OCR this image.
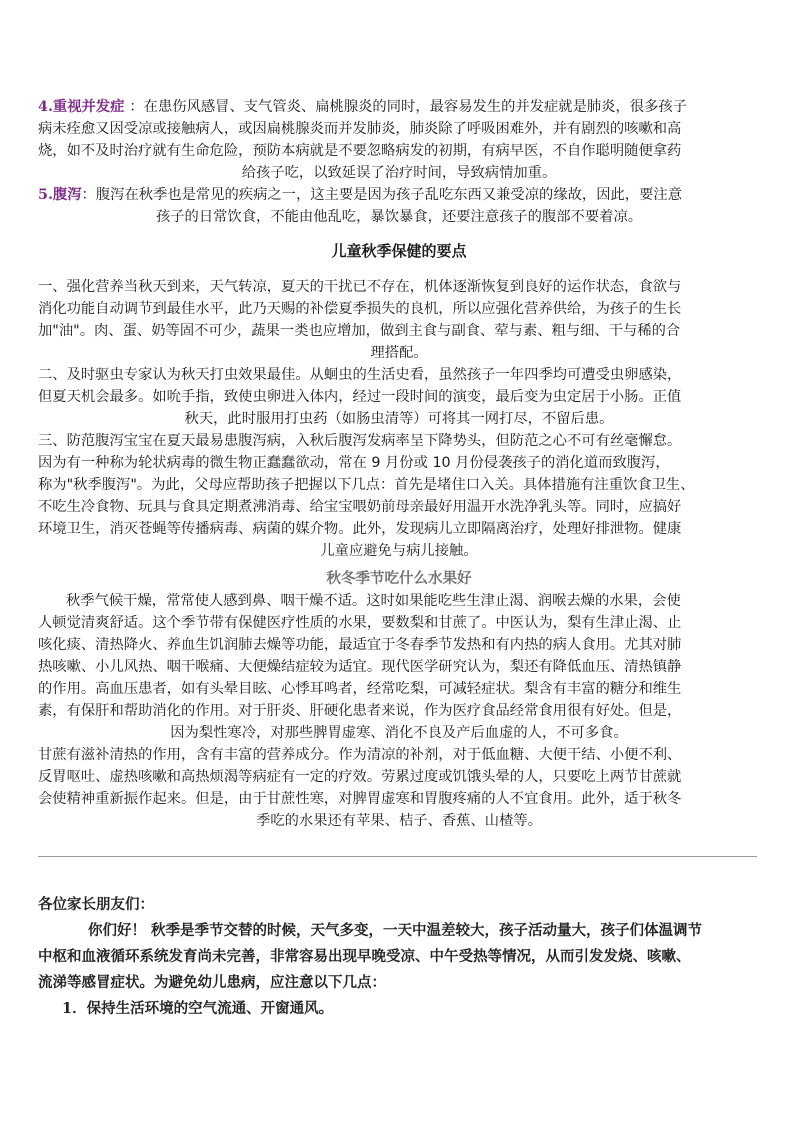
4.重视并发症 ：在患伤风感冒、支气管炎、扁桃腺炎的同时，最容易发生的并发症就是肺炎，很多孩子

病未痊愈又因受凉或接触病人，或因扁桃腺炎而并发肺炎，肺炎除了呼吸困难外，并有剧烈的咳嗽和高

烧，如不及时治疗就有生命危险，预防本病就是不要忽略病发的初期，有病早医，不自作聪明随便拿药

给孩子吃，以致延误了治疗时间，导致病情加重。

5.腹泻：腹泻在秋季也是常见的疾病之一，这主要是因为孩子乱吃东西又兼受凉的缘故，因此，要注意

孩子的日常饮食，不能由他乱吃，暴饮暴食，还要注意孩子的腹部不要着凉。

儿童秋季保健的要点

一、强化营养当秋天到来，天气转凉，夏天的干扰已不存在，机体逐渐恢复到良好的运作状态，食欲与

消化功能自动调节到最佳水平，此乃天赐的补偿夏季损失的良机，所以应强化营养供给，为孩子的生长

加"油"。肉、蛋、奶等固不可少，蔬果一类也应增加，做到主食与副食、荤与素、粗与细、干与稀的合

理搭配。

二、及时驱虫专家认为秋天打虫效果最佳。从蛔虫的生活史看，虽然孩子一年四季均可遭受虫卵感染，

但夏天机会最多。如吮手指，致使虫卵进入体内，经过一段时间的演变，最后变为虫定居于小肠。正值

秋天，此时服用打虫药（如肠虫清等）可将其一网打尽，不留后患。

三、防范腹泻宝宝在夏天最易患腹泻病，入秋后腹泻发病率呈下降势头，但防范之心不可有丝毫懈怠。

因为有一种称为轮状病毒的微生物正蠢蠢欲动，常在 9 月份或 10 月份侵袭孩子的消化道而致腹泻，

称为"秋季腹泻"。为此，父母应帮助孩子把握以下几点：首先是堵住口入关。具体措施有注重饮食卫生、

不吃生冷食物、玩具与食具定期煮沸消毒、给宝宝喂奶前母亲最好用温开水洗净乳头等。同时，应搞好

环境卫生，消灭苍蝇等传播病毒、病菌的媒介物。此外，发现病儿立即隔离治疗，处理好排泄物。健康

儿童应避免与病儿接触。

秋冬季节吃什么水果好

秋季气候干燥，常常使人感到鼻、咽干燥不适。这时如果能吃些生津止渴、润喉去燥的水果，会使

人顿觉清爽舒适。这个季节带有保健医疗性质的水果，要数梨和甘蔗了。中医认为，梨有生津止渴、止

咳化痰、清热降火、养血生饥润肺去燥等功能，最适宜于冬春季节发热和有内热的病人食用。尤其对肺

热咳嗽、小儿风热、咽干喉痛、大便燥结症较为适宜。现代医学研究认为，梨还有降低血压、清热镇静

的作用。高血压患者，如有头晕目眩、心悸耳鸣者，经常吃梨，可减轻症状。梨含有丰富的糖分和维生

素，有保肝和帮助消化的作用。对于肝炎、肝硬化患者来说，作为医疗食品经常食用很有好处。但是，

因为梨性寒冷，对那些脾胃虚寒、消化不良及产后血虚的人，不可多食。

甘蔗有滋补清热的作用，含有丰富的营养成分。作为清凉的补剂，对于低血糖、大便干结、小便不利、

反胃呕吐、虚热咳嗽和高热烦渴等病症有一定的疗效。劳累过度或饥饿头晕的人，只要吃上两节甘蔗就

会使精神重新振作起来。但是，由于甘蔗性寒，对脾胃虚寒和胃腹疼痛的人不宜食用。此外，适于秋冬

季吃的水果还有苹果、桔子、香蕉、山楂等。

各位家长朋友们：

你们好！ 秋季是季节交替的时候，天气多变，一天中温差较大，孩子活动量大，孩子们体温调节

中枢和血液循环系统发育尚未完善，非常容易出现早晚受凉、中午受热等情况，从而引发发烧、咳嗽、

流涕等感冒症状。为避免幼儿患病，应注意以下几点：

1．保持生活环境的空气流通、开窗通风。
